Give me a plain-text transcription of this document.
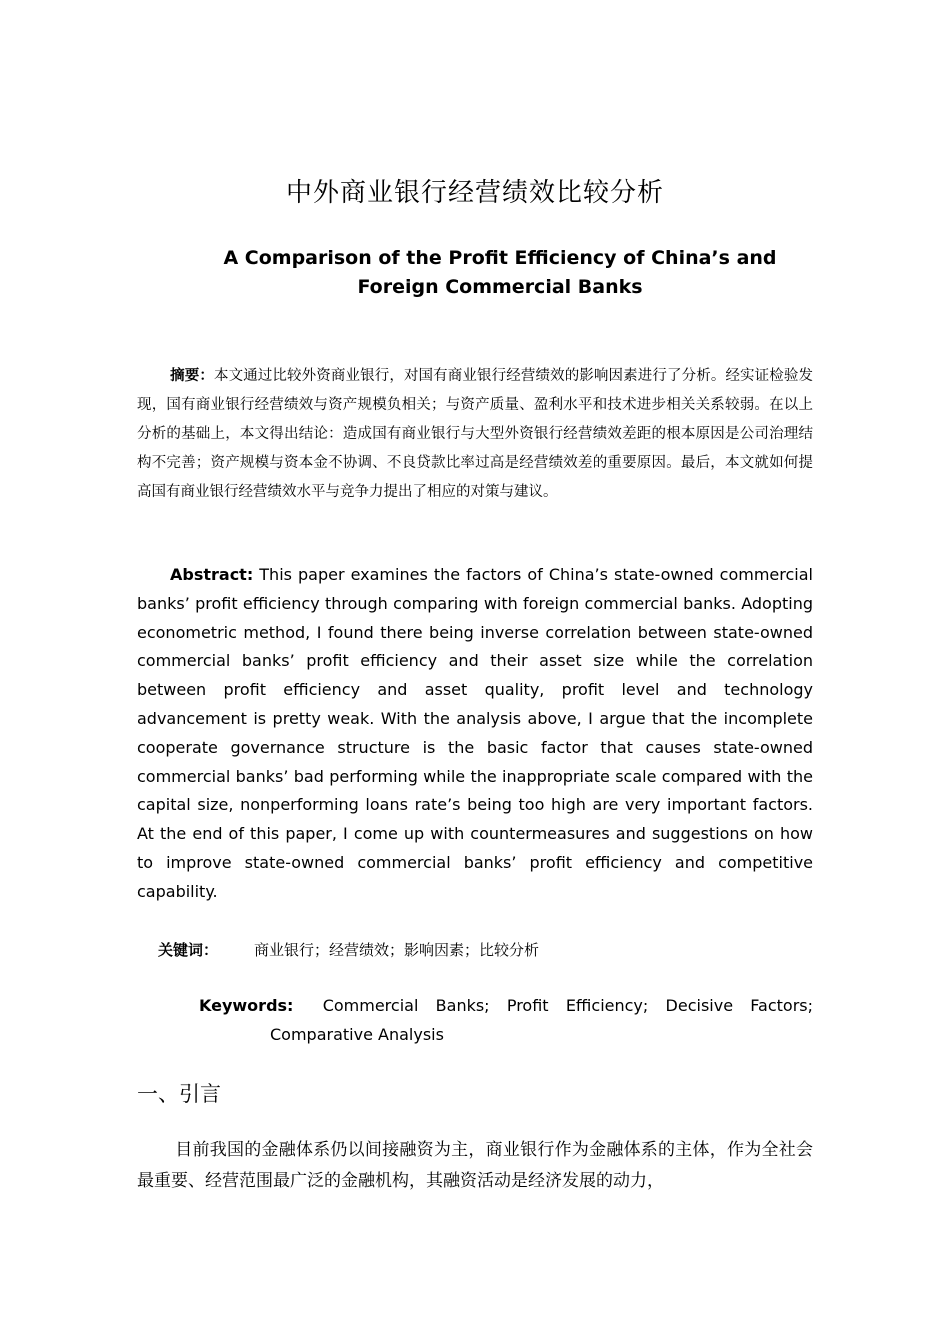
中外商业银行经营绩效比较分析
A Comparison of the Profit Efficiency of China’s and Foreign Commercial Banks
摘要：本文通过比较外资商业银行，对国有商业银行经营绩效的影响因素进行了分析。经实证检验发现，国有商业银行经营绩效与资产规模负相关；与资产质量、盈利水平和技术进步相关关系较弱。在以上分析的基础上，本文得出结论：造成国有商业银行与大型外资银行经营绩效差距的根本原因是公司治理结构不完善；资产规模与资本金不协调、不良贷款比率过高是经营绩效差的重要原因。最后，本文就如何提高国有商业银行经营绩效水平与竞争力提出了相应的对策与建议。
Abstract: This paper examines the factors of China’s state-owned commercial banks’ profit efficiency through comparing with foreign commercial banks. Adopting econometric method, I found there being inverse correlation between state-owned commercial banks’ profit efficiency and their asset size while the correlation between profit efficiency and asset quality, profit level and technology advancement is pretty weak. With the analysis above, I argue that the incomplete cooperate governance structure is the basic factor that causes state-owned commercial banks’ bad performing while the inappropriate scale compared with the capital size, nonperforming loans rate’s being too high are very important factors. At the end of this paper, I come up with countermeasures and suggestions on how to improve state-owned commercial banks’ profit efficiency and competitive capability.
关键词： 商业银行；经营绩效；影响因素；比较分析
Keywords: Commercial Banks; Profit Efficiency; Decisive Factors;
Comparative Analysis
一、引言
目前我国的金融体系仍以间接融资为主，商业银行作为金融体系的主体，作为全社会最重要、经营范围最广泛的金融机构，其融资活动是经济发展的动力，
